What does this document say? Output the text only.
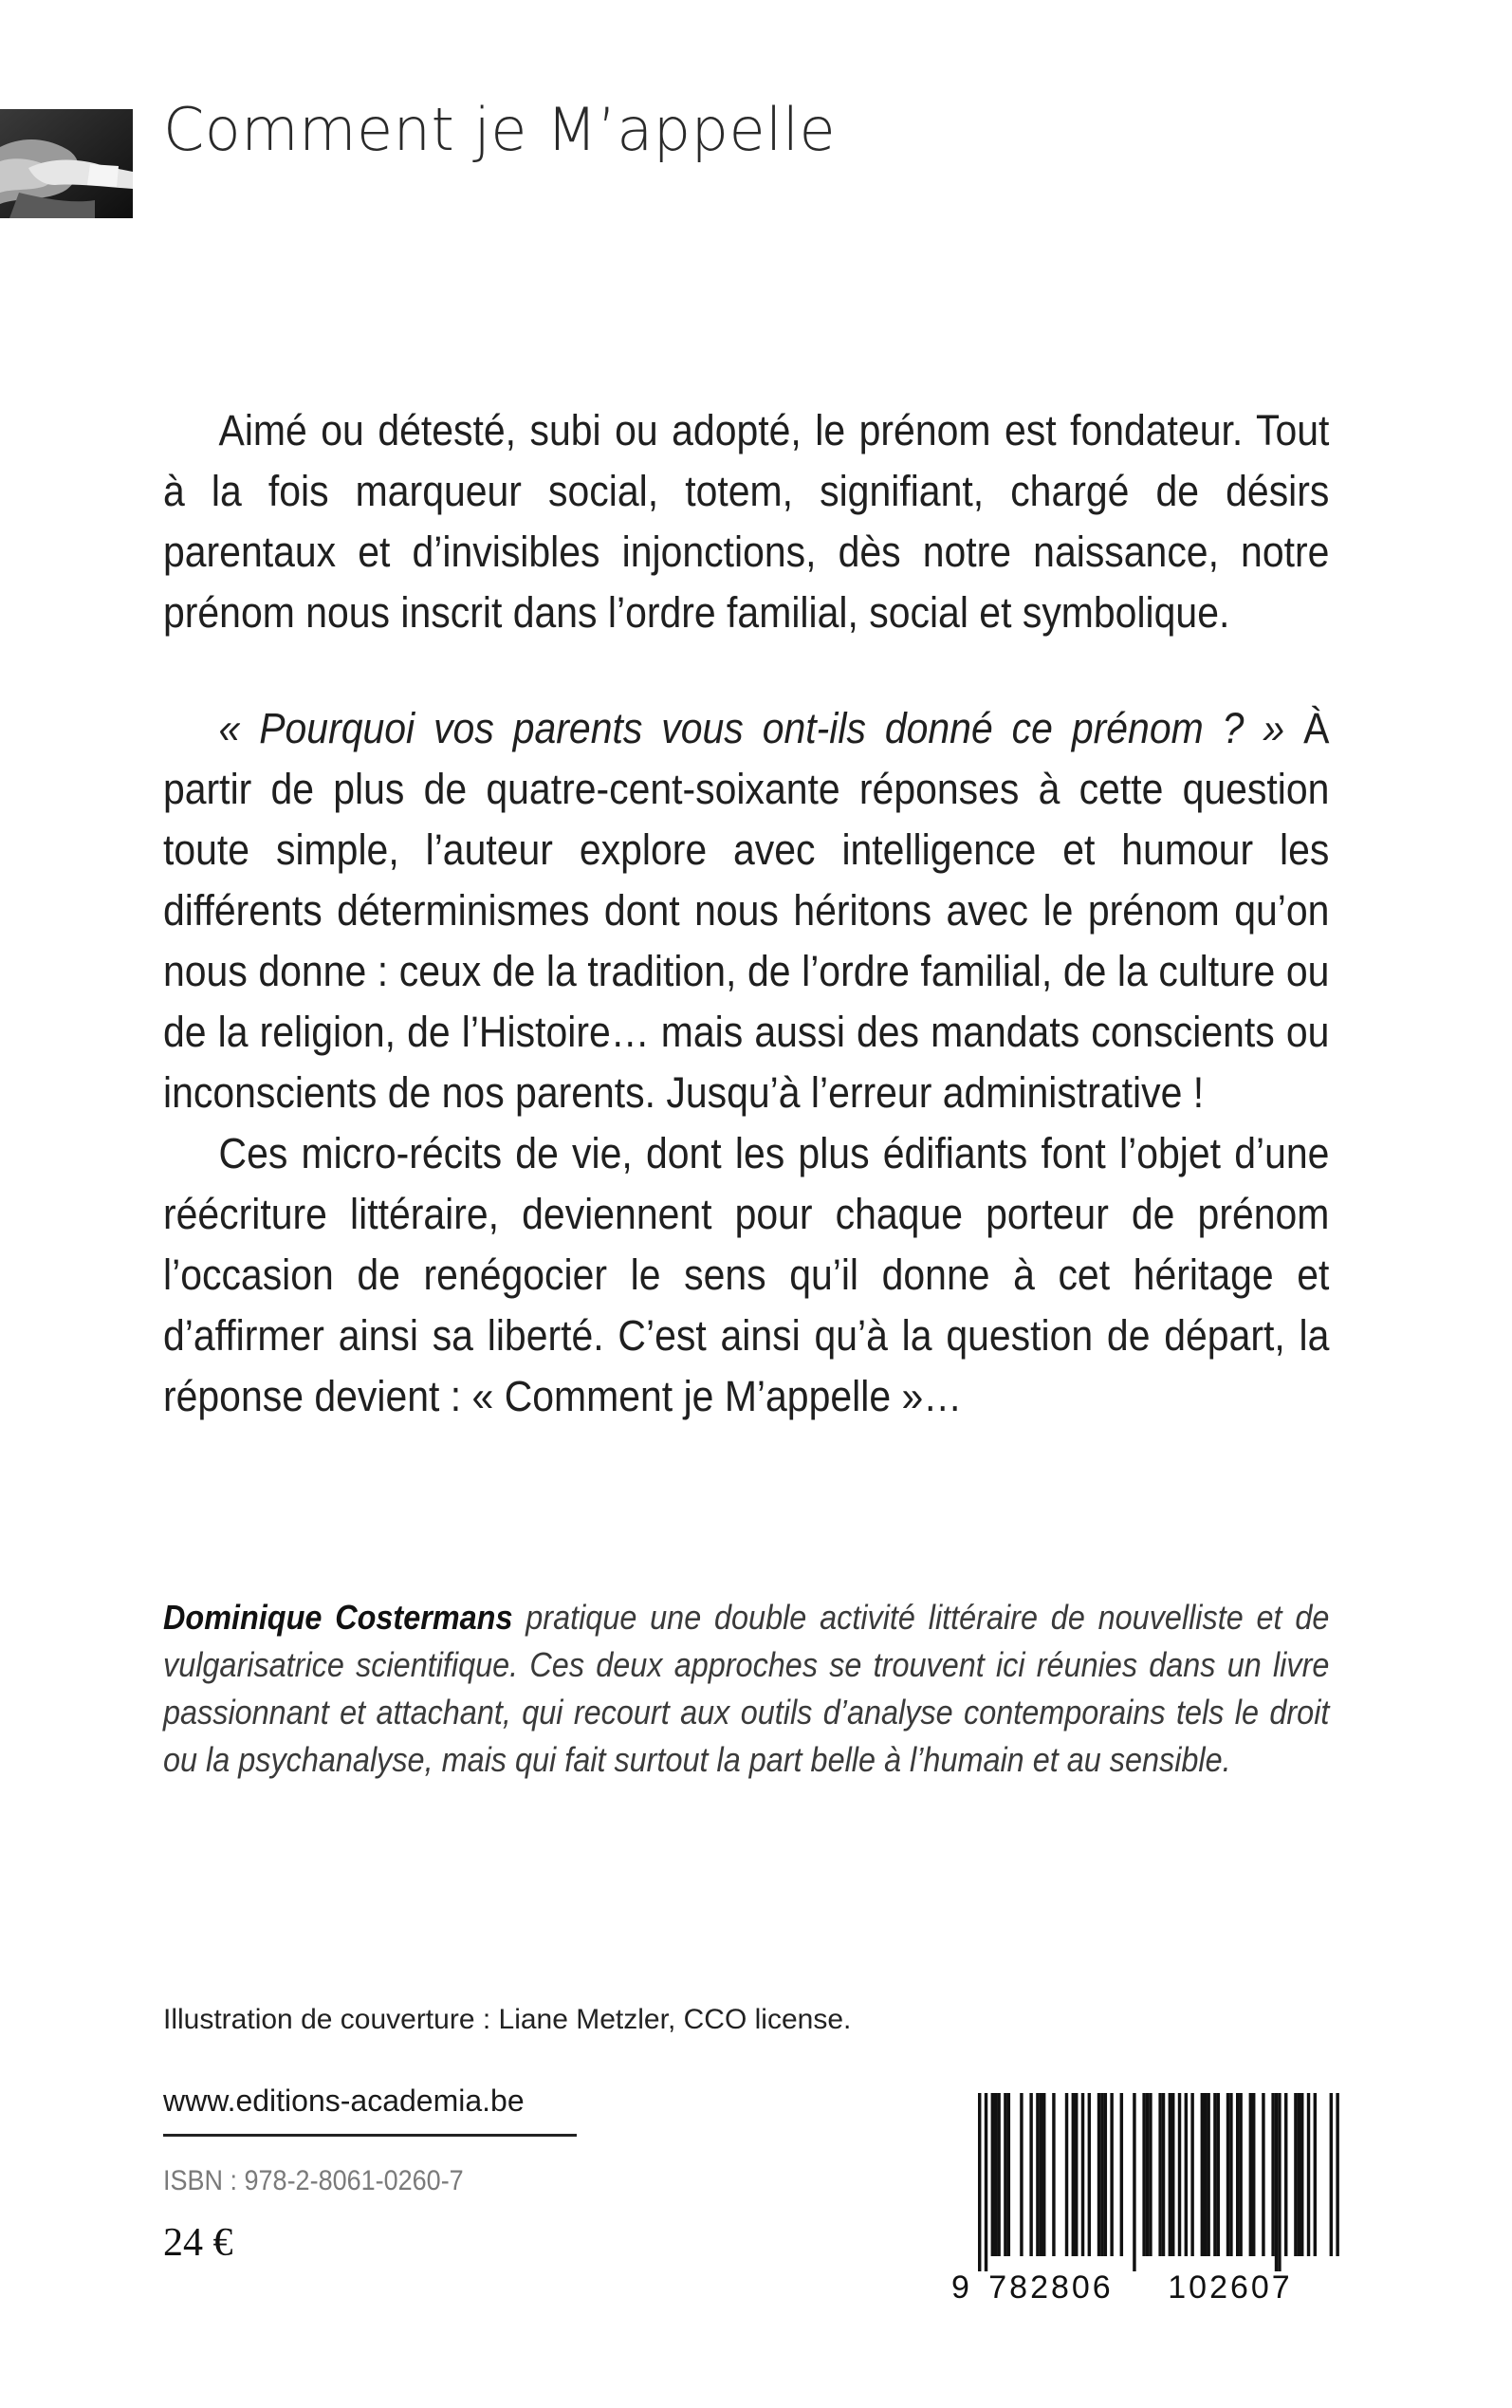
Comment je M’appelle

Aimé ou détesté, subi ou adopté, le prénom est fondateur. Tout à la fois marqueur social, totem, signifiant, chargé de désirs parentaux et d’invisibles injonctions, dès notre naissance, notre prénom nous inscrit dans l’ordre familial, social et symbolique.

« Pourquoi vos parents vous ont-ils donné ce prénom ? » À partir de plus de quatre-cent-soixante réponses à cette question toute simple, l’auteur explore avec intelligence et humour les différents déterminismes dont nous héritons avec le prénom qu’on nous donne : ceux de la tradition, de l’ordre familial, de la culture ou de la religion, de l’Histoire… mais aussi des mandats conscients ou inconscients de nos parents. Jusqu’à l’erreur administrative !

Ces micro-récits de vie, dont les plus édifiants font l’objet d’une réécriture littéraire, deviennent pour chaque porteur de prénom l’occasion de renégocier le sens qu’il donne à cet héritage et d’affirmer ainsi sa liberté. C’est ainsi qu’à la question de départ, la réponse devient : « Comment je M’appelle »…

Dominique Costermans pratique une double activité littéraire de nouvelliste et de vulgarisatrice scientifique. Ces deux approches se trouvent ici réunies dans un livre passionnant et attachant, qui recourt aux outils d’analyse contemporains tels le droit ou la psychanalyse, mais qui fait surtout la part belle à l’humain et au sensible.
Illustration de couverture : Liane Metzler, CCO license.
www.editions-academia.be
ISBN : 978-2-8061-0260-7
24 €
9 782806 102607
